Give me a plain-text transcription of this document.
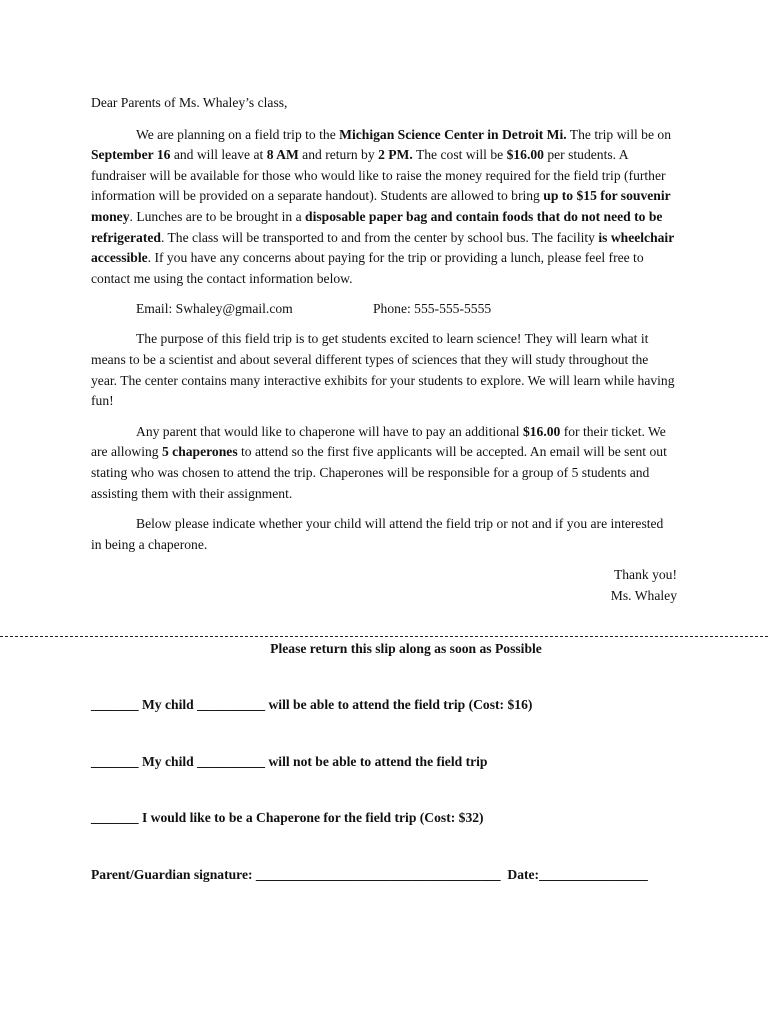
Dear Parents of Ms. Whaley’s class,

We are planning on a field trip to the Michigan Science Center in Detroit Mi. The trip will be on September 16 and will leave at 8 AM and return by 2 PM. The cost will be $16.00 per students. A fundraiser will be available for those who would like to raise the money required for the field trip (further information will be provided on a separate handout). Students are allowed to bring up to $15 for souvenir money. Lunches are to be brought in a disposable paper bag and contain foods that do not need to be refrigerated. The class will be transported to and from the center by school bus. The facility is wheelchair accessible. If you have any concerns about paying for the trip or providing a lunch, please feel free to contact me using the contact information below.

Email: Swhaley@gmail.com	Phone: 555-555-5555

The purpose of this field trip is to get students excited to learn science! They will learn what it means to be a scientist and about several different types of sciences that they will study throughout the year. The center contains many interactive exhibits for your students to explore. We will learn while having fun!

Any parent that would like to chaperone will have to pay an additional $16.00 for their ticket. We are allowing 5 chaperones to attend so the first five applicants will be accepted. An email will be sent out stating who was chosen to attend the trip. Chaperones will be responsible for a group of 5 students and assisting them with their assignment.

Below please indicate whether your child will attend the field trip or not and if you are interested in being a chaperone.

Thank you!

Ms. Whaley

Please return this slip along as soon as Possible
_______ My child __________ will be able to attend the field trip (Cost: $16)
_______ My child __________ will not be able to attend the field trip
_______ I would like to be a Chaperone for the field trip (Cost: $32)
Parent/Guardian signature: ____________________________________  Date:________________
